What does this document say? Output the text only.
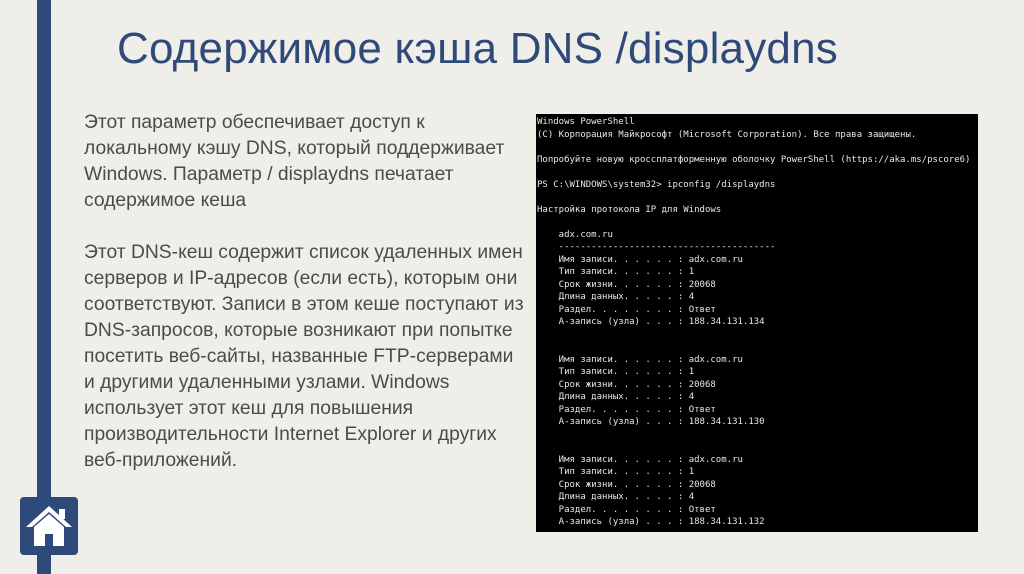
Содержимое кэша DNS /displaydns

Этот параметр обеспечивает доступ к локальному кэшу DNS, который поддерживает Windows. Параметр / displaydns печатает содержимое кеша

Этот DNS-кеш содержит список удаленных имен серверов и IP-адресов (если есть), которым они соответствуют. Записи в этом кеше поступают из DNS-запросов, которые возникают при попытке посетить веб-сайты, названные FTP-серверами и другими удаленными узлами. Windows использует этот кеш для повышения производительности Internet Explorer и других веб-приложений.

Windows PowerShell
(С) Корпорация Майкрософт (Microsoft Corporation). Все права защищены.
Попробуйте новую кроссплатформенную оболочку PowerShell (https://aka.ms/pscore6)
PS C:\WINDOWS\system32> ipconfig /displaydns
Настройка протокола IP для Windows
adx.com.ru
----------------------------------------
Имя записи. . . . . . : adx.com.ru
Тип записи. . . . . . : 1
Срок жизни. . . . . . : 20068
Длина данных. . . . . : 4
Раздел. . . . . . . . : Ответ
A-запись (узла) . . . : 188.34.131.134
Имя записи. . . . . . : adx.com.ru
Тип записи. . . . . . : 1
Срок жизни. . . . . . : 20068
Длина данных. . . . . : 4
Раздел. . . . . . . . : Ответ
A-запись (узла) . . . : 188.34.131.130
Имя записи. . . . . . : adx.com.ru
Тип записи. . . . . . : 1
Срок жизни. . . . . . : 20068
Длина данных. . . . . : 4
Раздел. . . . . . . . : Ответ
A-запись (узла) . . . : 188.34.131.132
